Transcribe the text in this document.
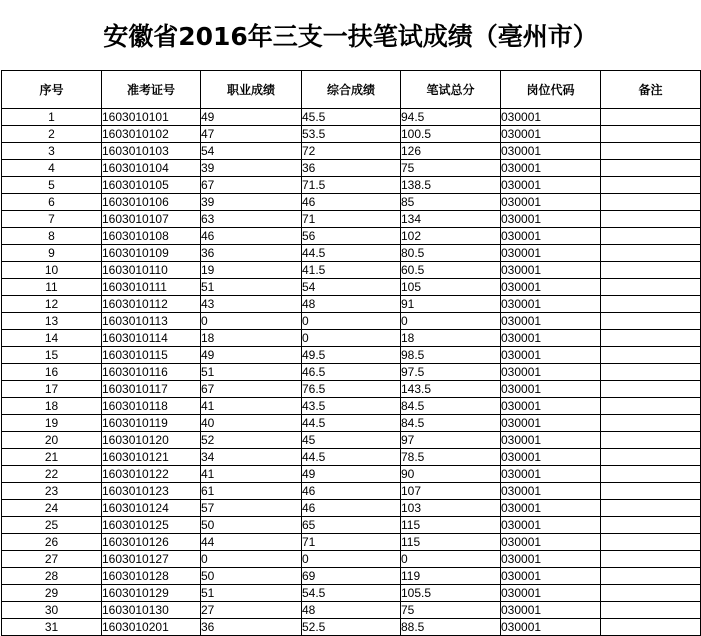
安徽省2016年三支一扶笔试成绩（亳州市）
序号	准考证号	职业成绩	综合成绩	笔试总分	岗位代码	备注
1	1603010101	49	45.5	94.5	030001	
2	1603010102	47	53.5	100.5	030001	
3	1603010103	54	72	126	030001	
4	1603010104	39	36	75	030001	
5	1603010105	67	71.5	138.5	030001	
6	1603010106	39	46	85	030001	
7	1603010107	63	71	134	030001	
8	1603010108	46	56	102	030001	
9	1603010109	36	44.5	80.5	030001	
10	1603010110	19	41.5	60.5	030001	
11	1603010111	51	54	105	030001	
12	1603010112	43	48	91	030001	
13	1603010113	0	0	0	030001	
14	1603010114	18	0	18	030001	
15	1603010115	49	49.5	98.5	030001	
16	1603010116	51	46.5	97.5	030001	
17	1603010117	67	76.5	143.5	030001	
18	1603010118	41	43.5	84.5	030001	
19	1603010119	40	44.5	84.5	030001	
20	1603010120	52	45	97	030001	
21	1603010121	34	44.5	78.5	030001	
22	1603010122	41	49	90	030001	
23	1603010123	61	46	107	030001	
24	1603010124	57	46	103	030001	
25	1603010125	50	65	115	030001	
26	1603010126	44	71	115	030001	
27	1603010127	0	0	0	030001	
28	1603010128	50	69	119	030001	
29	1603010129	51	54.5	105.5	030001	
30	1603010130	27	48	75	030001	
31	1603010201	36	52.5	88.5	030001	
